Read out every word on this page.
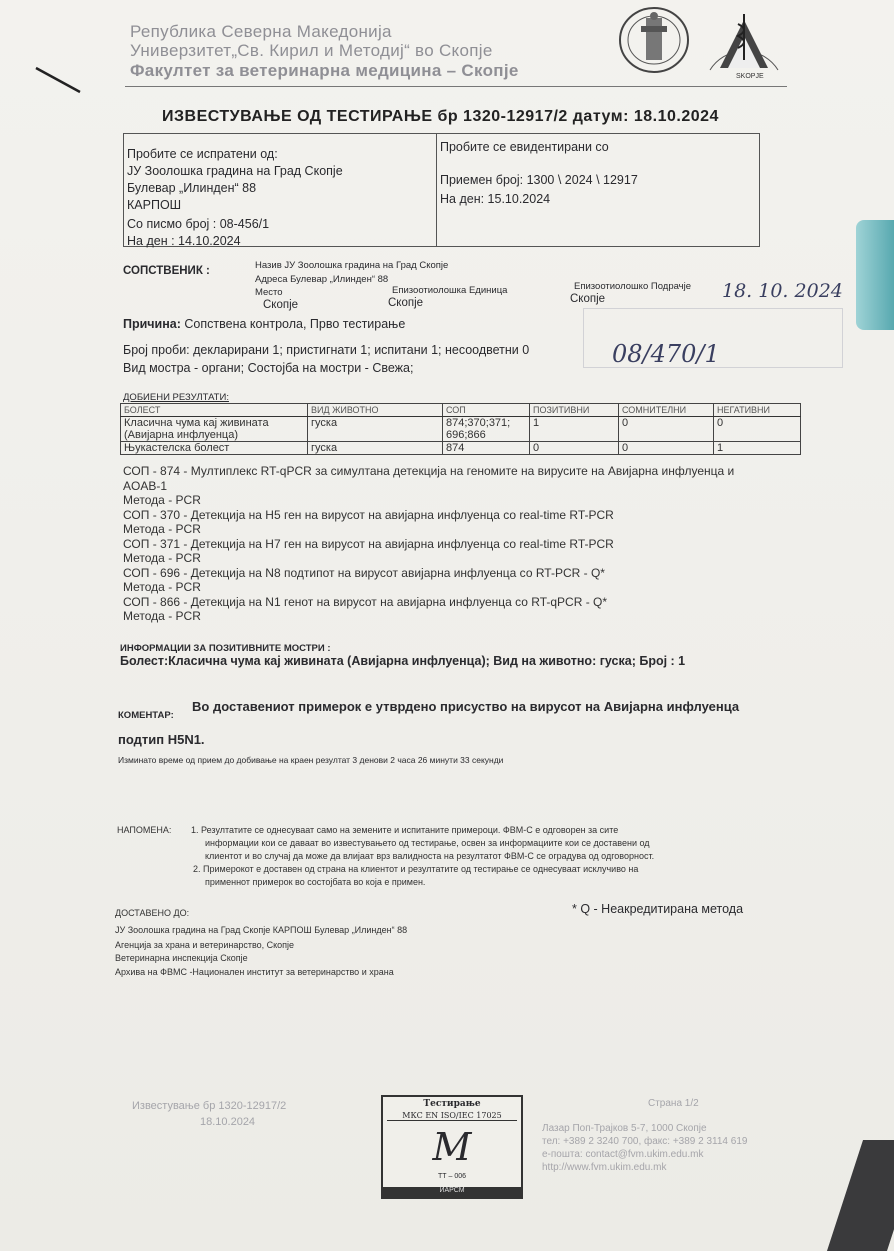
Република Северна Македонија
Универзитет„Св. Кирил и Методиј“ во Скопје
Факултет за ветеринарна медицина – Скопје	SKOPJE
ИЗВЕСТУВАЊЕ ОД ТЕСТИРАЊЕ бр 1320-12917/2 датум: 18.10.2024
Пробите се испратени од:
ЈУ Зоолошка градина на Град Скопје
Булевар „Илинден“ 88
КАРПОШ
Со писмо број : 08-456/1
На ден : 14.10.2024
Пробите се евидентирани со
Приемен број: 1300 \ 2024 \ 12917
На ден: 15.10.2024
СОПСТВЕНИК :	Назив ЈУ Зоолошка градина на Град Скопје
Адреса Булевар „Илинден“ 88
Место
Скопје
Епизоотиолошка Единица
Скопје
Епизоотиолошко Подрачје
Скопје	18. 10. 2024
08/470/1
Причина: Сопствена контрола, Прво тестирање
Број проби: декларирани 1; пристигнати 1; испитани 1; несоодветни 0
Вид мостра - органи; Состојба на мостри - Свежа;
ДОБИЕНИ РЕЗУЛТАТИ:
БОЛЕСТ	ВИД ЖИВОТНО	СОП	ПОЗИТИВНИ	СОМНИТЕЛНИ	НЕГАТИВНИ
Класична чума кај живината (Авијарна инфлуенца)	гуска	874;370;371; 696;866	1	0	0
Њукастелска болест	гуска	874	0	0	1
СОП - 874 - Мултиплекс RT-qPCR за симултана детекција на геномите на вирусите на Авијарна инфлуенца и
AOAB-1
Метода - PCR
СОП - 370 - Детекција на H5 ген на вирусот на авијарна инфлуенца со real-time RT-PCR
Метода - PCR
СОП - 371 - Детекција на H7 ген на вирусот на авијарна инфлуенца со real-time RT-PCR
Метода - PCR
СОП - 696 - Детекција на N8 подтипот на вирусот авијарна инфлуенца со RT-PCR - Q*
Метода - PCR
СОП - 866 - Детекција на N1 генот на вирусот на авијарна инфлуенца со RT-qPCR - Q*
Метода - PCR
ИНФОРМАЦИИ ЗА ПОЗИТИВНИТЕ МОСТРИ :
Болест:Класична чума кај живината (Авијарна инфлуенца); Вид на животно: гуска; Број : 1
КОМЕНТАР:
Во доставениот примерок е утврдено присуство на вирусот на Авијарна инфлуенца
подтип H5N1.
Изминато време од прием до добивање на краен резултат 3 денови 2 часа 26 минути 33 секунди
НАПОМЕНА: 1. Резултатите се однесуваат само на земените и испитаните примероци. ФВМ-С е одговорен за сите
информации кои се даваат во известувањето од тестирање, освен за информациите кои се доставени од
клиентот и во случај да може да влијаат врз валидноста на резултатот ФВМ-С се оградува од одговорност.
2. Примерокот е доставен од страна на клиентот и резултатите од тестирање се однесуваат исклучиво на
применнот примерок во состојбата во која е примен.
* Q - Неакредитирана метода
ДОСТАВЕНО ДО:
ЈУ Зоолошка градина на Град Скопје КАРПОШ Булевар „Илинден“ 88
Агенција за храна и ветеринарство, Скопје
Ветеринарна инспекција Скопје
Архива на ФВМС -Национален институт за ветеринарство и храна
Известување бр 1320-12917/2
18.10.2024
Тестирање
МКС EN ISO/IEC 17025
M
ТТ – 006
ИАРСМ
Страна 1/2
Лазар Поп-Трајков 5-7, 1000 Скопје
тел: +389 2 3240 700, факс: +389 2 3114 619
e-пошта: contact@fvm.ukim.edu.mk
http://www.fvm.ukim.edu.mk
